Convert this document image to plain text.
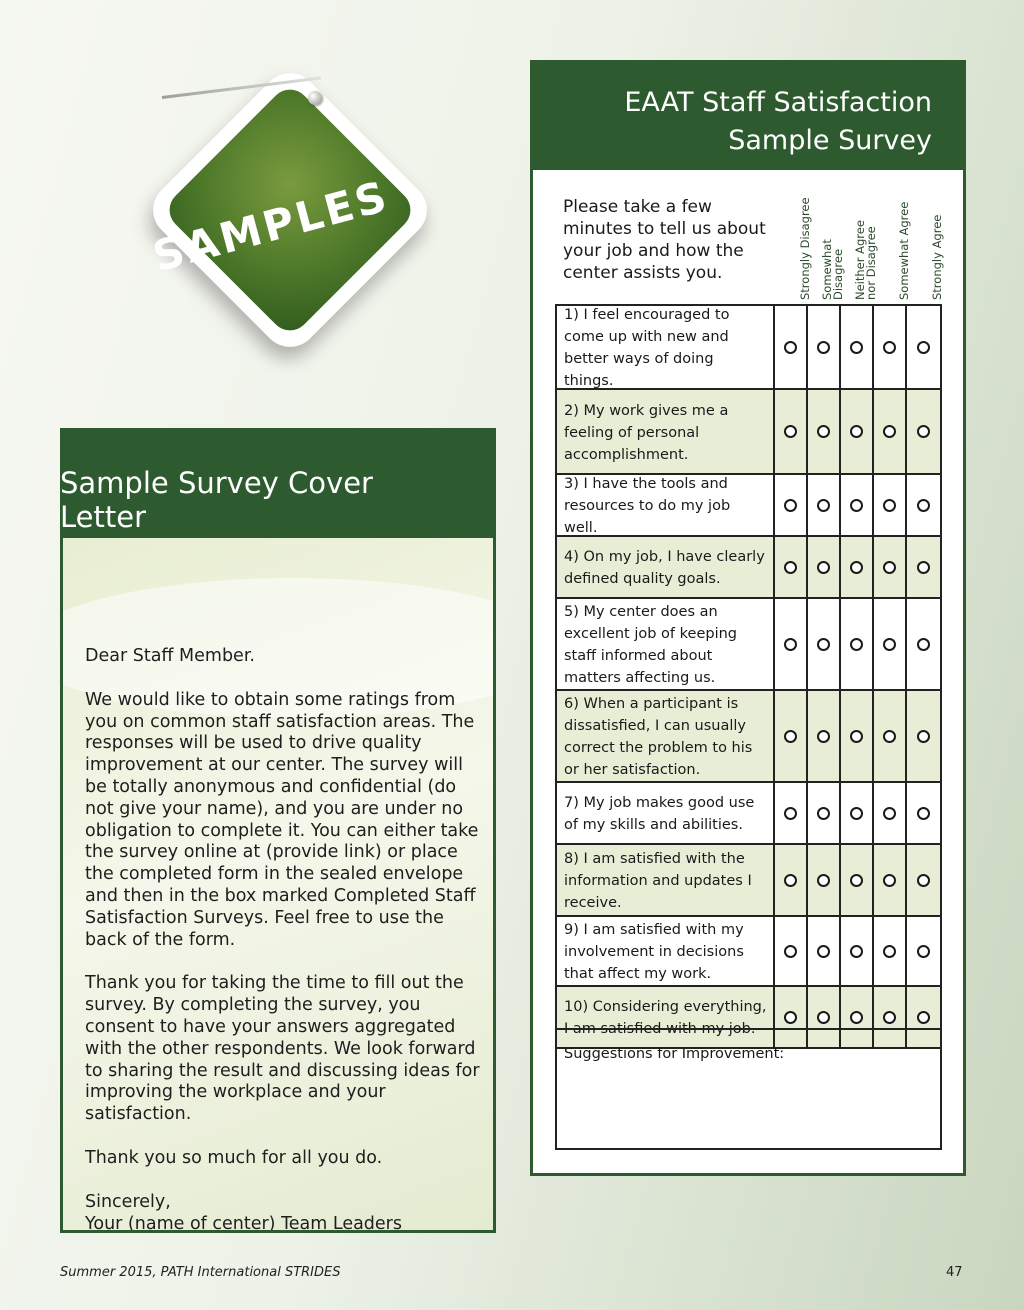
SAMPLES
Sample Survey Cover Letter

Dear Staff Member.

We would like to obtain some ratings from you on common staff satisfaction areas. The responses will be used to drive quality improvement at our center. The survey will be totally anonymous and confidential (do not give your name), and you are under no obligation to complete it. You can either take the survey online at (provide link) or place the completed form in the sealed envelope and then in the box marked Completed Staff Satisfaction Surveys. Feel free to use the back of the form.

Thank you for taking the time to fill out the survey. By completing the survey, you consent to have your answers aggregated with the other respondents. We look forward to sharing the result and discussing ideas for improving the workplace and your satisfaction.

Thank you so much for all you do.

Sincerely,

Your (name of center) Team Leaders

EAAT Staff Satisfaction
Sample Survey
Please take a few minutes to tell us about your job and how the center assists you.	Strongly Disagree Somewhat Disagree Neither Agree nor Disagree Somewhat Agree Strongly Agree
1) I feel encouraged to come up with new and better ways of doing things.
2) My work gives me a feeling of personal accomplishment.
3) I have the tools and resources to do my job well.
4) On my job, I have clearly defined quality goals.
5) My center does an excellent job of keeping staff informed about matters affecting us.
6) When a participant is dissatisfied, I can usually correct the problem to his or her satisfaction.
7) My job makes good use of my skills and abilities.
8) I am satisfied with the information and updates I receive.
9) I am satisfied with my involvement in decisions that affect my work.
10) Considering everything, I am satisfied with my job.
Suggestions for Improvement:
Summer 2015, PATH International STRIDES	47
